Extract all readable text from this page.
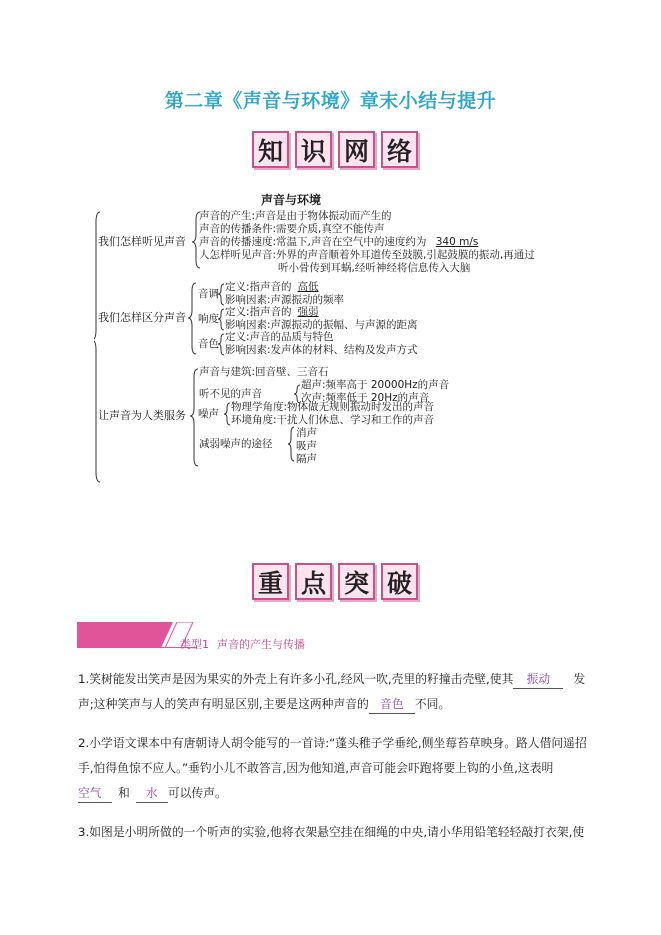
第二章《声音与环境》章末小结与提升
知 识 网 络
声音与环境
我们怎样听见声音
声音的产生:声音是由于物体振动而产生的
声音的传播条件:需要介质,真空不能传声
声音的传播速度:常温下,声音在空气中的速度约为 340 m/s
人怎样听见声音:外界的声音顺着外耳道传至鼓膜,引起鼓膜的振动,再通过
听小骨传到耳蜗,经听神经将信息传入大脑
我们怎样区分声音
音调
定义:指声音的 高低
影响因素:声源振动的频率
响度
定义:指声音的 强弱
影响因素:声源振动的振幅、与声源的距离
音色
定义:声音的品质与特色
影响因素:发声体的材料、结构及发声方式
让声音为人类服务
声音与建筑:回音壁、三音石
听不见的声音
超声:频率高于 20000Hz的声音
次声:频率低于 20Hz的声音
噪声
物理学角度:物体做无规则振动时发出的声音
环境角度:干扰人们休息、学习和工作的声音
减弱噪声的途径
消声
吸声
隔声
重 点 突 破
类型1 声音的产生与传播
1.笑树能发出笑声是因为果实的外壳上有许多小孔,经风一吹,壳里的籽撞击壳壁,使其 振动 发
声;这种笑声与人的笑声有明显区别,主要是这两种声音的 音色 不同。
2.小学语文课本中有唐朝诗人胡令能写的一首诗:“蓬头稚子学垂纶,侧坐莓苔草映身。路人借问遥招
手,怕得鱼惊不应人。”垂钓小儿不敢答言,因为他知道,声音可能会吓跑将要上钩的小鱼,这表明
空气 和 水 可以传声。
3.如图是小明所做的一个听声的实验,他将衣架悬空挂在细绳的中央,请小华用铅笔轻轻敲打衣架,使
